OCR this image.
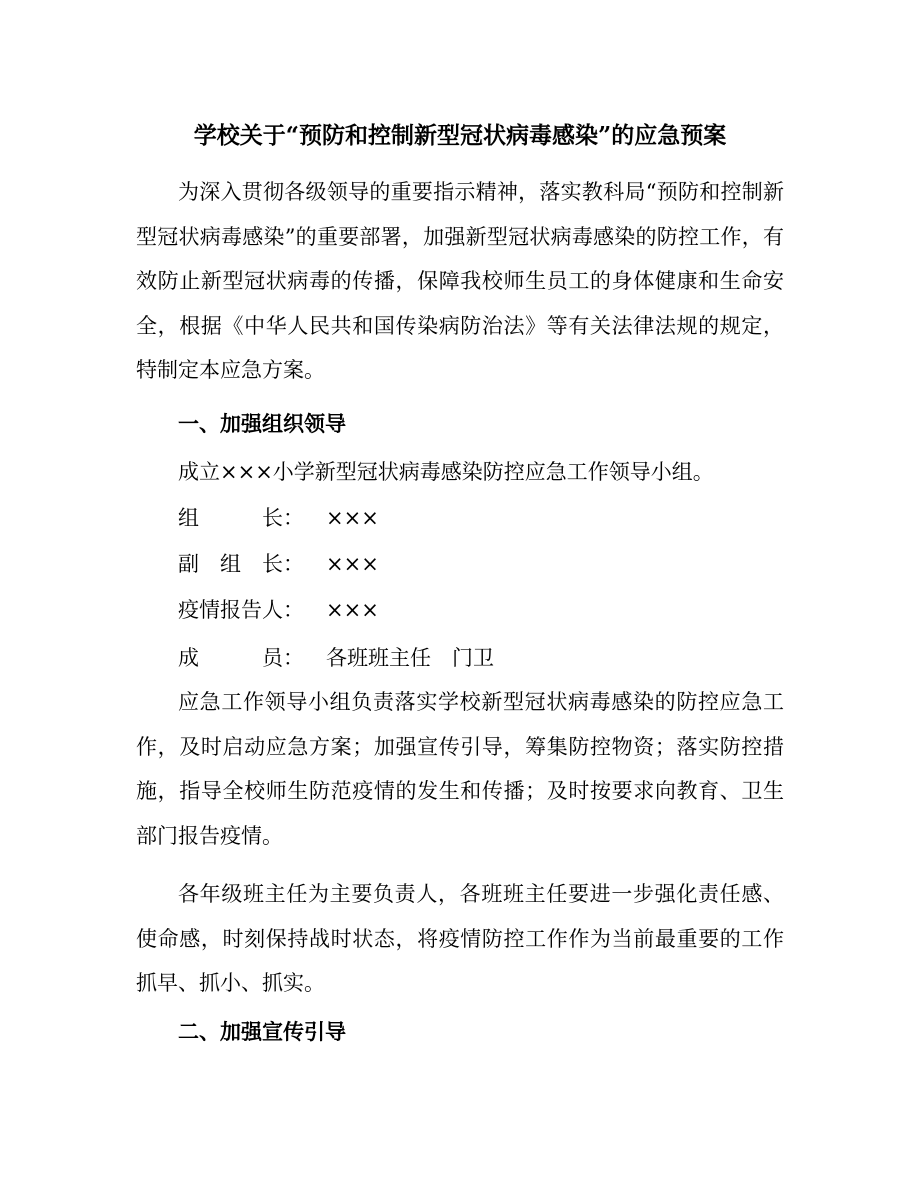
学校关于“预防和控制新型冠状病毒感染”的应急预案

为深入贯彻各级领导的重要指示精神，落实教科局“预防和控制新型冠状病毒感染”的重要部署，加强新型冠状病毒感染的防控工作，有效防止新型冠状病毒的传播，保障我校师生员工的身体健康和生命安全，根据《中华人民共和国传染病防治法》等有关法律法规的规定，特制定本应急方案。

一、加强组织领导
成立×××小学新型冠状病毒感染防控应急工作领导小组。
组　　　长： ×××
副　组　长： ×××
疫情报告人： ×××
成　　　员： 各班班主任　门卫

应急工作领导小组负责落实学校新型冠状病毒感染的防控应急工作，及时启动应急方案；加强宣传引导，筹集防控物资；落实防控措施，指导全校师生防范疫情的发生和传播；及时按要求向教育、卫生部门报告疫情。

各年级班主任为主要负责人，各班班主任要进一步强化责任感、使命感，时刻保持战时状态，将疫情防控工作作为当前最重要的工作抓早、抓小、抓实。

二、加强宣传引导
